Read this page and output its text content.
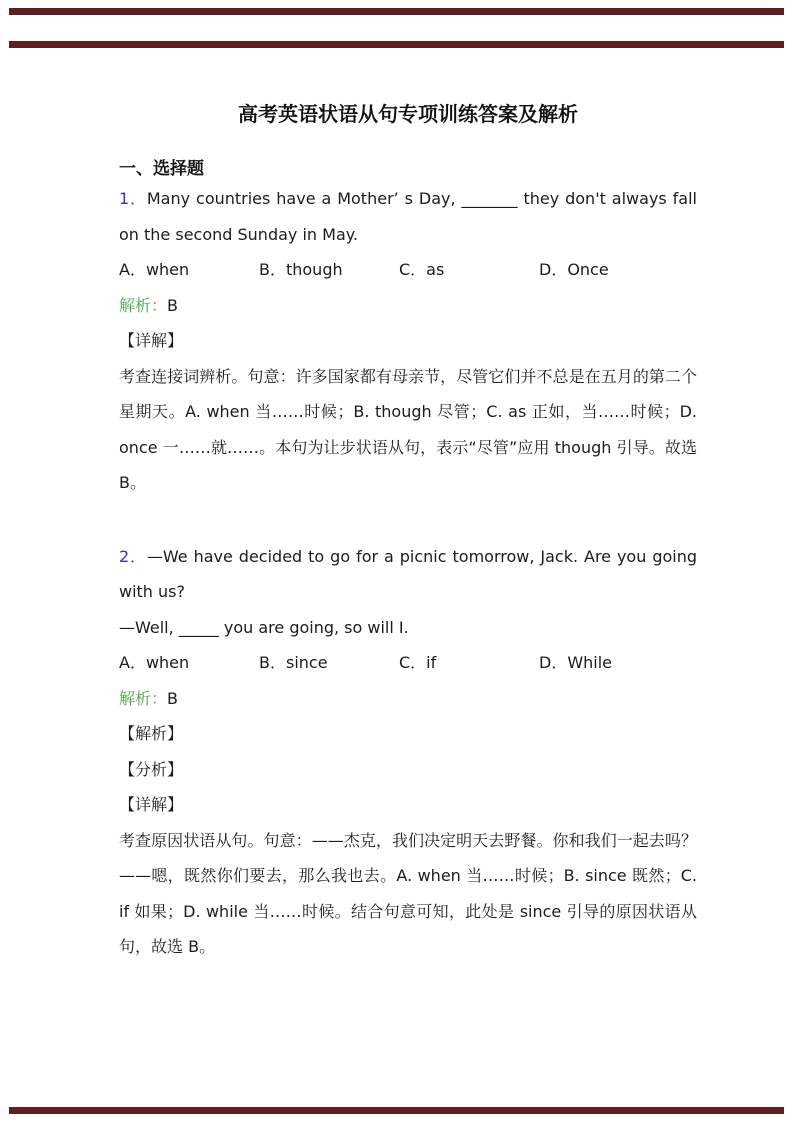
高考英语状语从句专项训练答案及解析
一、选择题

1．Many countries have a Mother’ s Day, _______ they don't always fall on the second Sunday in May.

A．when	B．though	C．as	D．Once

解析：B

【详解】

考查连接词辨析。句意：许多国家都有母亲节，尽管它们并不总是在五月的第二个星期天。A. when 当……时候；B. though 尽管；C. as 正如，当……时候；D. once 一……就……。本句为让步状语从句，表示“尽管”应用 though 引导。故选 B。

2．—We have decided to go for a picnic tomorrow, Jack. Are you going with us?

—Well, _____ you are going, so will I.

A．when	B．since	C．if	D．While

解析：B

【解析】

【分析】

【详解】

考查原因状语从句。句意：——杰克，我们决定明天去野餐。你和我们一起去吗？——嗯，既然你们要去，那么我也去。A. when 当……时候；B. since 既然；C. if 如果；D. while 当……时候。结合句意可知，此处是 since 引导的原因状语从句，故选 B。
